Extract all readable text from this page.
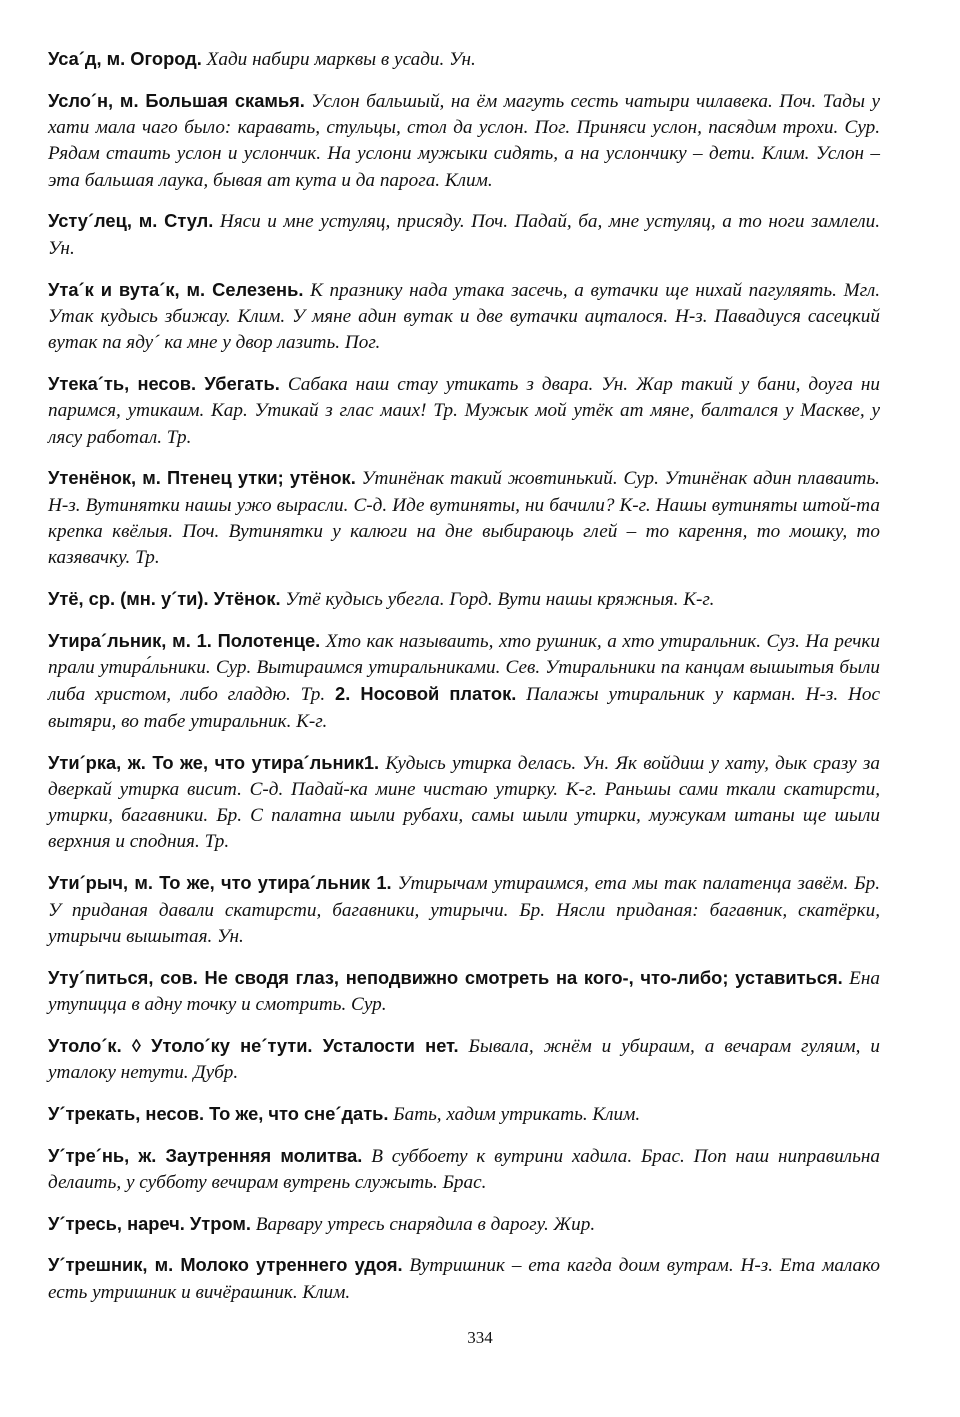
Уса´д, м. Огород. Хади набири марквы в усади. Ун.

Усло´н, м. Большая скамья. Услон бальшый, на ём магуть сесть чатыри чилавека. Поч. Тады у хати мала чаго было: каравать, стульцы, стол да услон. Пог. Приняси услон, пасядим трохи. Сур. Рядам стаить услон и услончик. На услони мужыки сидять, а на услончику – дети. Клим. Услон – эта бальшая лаука, бывая ат кута и да парога. Клим.

Усту´лец, м. Стул. Няси и мне устуляц, присяду. Поч. Падай, ба, мне устуляц, а то ноги замлели. Ун.

Ута´к и вута´к, м. Селезень. К празнику нада утака засечь, а вутачки ще нихай пагуляять. Мгл. Утак кудысь збижау. Клим. У мяне адин вутак и две вутачки ацталося. Н-з. Павадиуся сасецкий вутак па яду´ ка мне у двор лазить. Пог.

Утека´ть, несов. Убегать. Сабака наш стау утикать з двара. Ун. Жар такий у бани, доуга ни паримся, утикаим. Кар. Утикай з глас маих! Тр. Мужык мой утёк ат мяне, балтался у Маскве, у лясу работал. Тр.

Утенёнок, м. Птенец утки; утёнок. Утинёнак такий жовтинький. Сур. Утинёнак адин плаваить. Н-з. Вутинятки нашы ужо вырасли. С-д. Иде вутиняты, ни бачили? К-г. Нашы вутиняты штой-та крепка квёлыя. Поч. Вутинятки у калюги на дне выбираюць глей – то карення, то мошку, то казявачку. Тр.

Утё, ср. (мн. у´ти). Утёнок. Утё кудысь убегла. Горд. Вути нашы кряжныя. К-г.

Утира´льник, м. 1. Полотенце. Хто как называить, хто рушник, а хто утиральник. Суз. На речки прали утира́льники. Сур. Вытираимся утиральниками. Сев. Утиральники па канцам вышытыя были либа христом, либо гладдю. Тр. 2. Носовой платок. Палажы утиральник у карман. Н-з. Нос вытяри, во табе утиральник. К-г.

Ути´рка, ж. То же, что утира´льник1. Кудысь утирка делась. Ун. Як войдиш у хату, дык сразу за дверкай утирка висит. С-д. Падай-ка мине чистаю утирку. К-г. Раньшы сами ткали скатирсти, утирки, багавники. Бр. С палатна шыли рубахи, самы шыли утирки, мужукам штаны ще шыли верхния и сподния. Тр.

Ути´рыч, м. То же, что утира´льник 1. Утирычам утираимся, ета мы так палатенца завём. Бр. У приданая давали скатирсти, багавники, утирычи. Бр. Нясли приданая: багавник, скатёрки, утирычи вышытая. Ун.

Уту´питься, сов. Не сводя глаз, неподвижно смотреть на кого-, что-либо; уставиться. Ена утупицца в адну точку и смотрить. Сур.

Утоло´к. ◊ Утоло´ку не´тути. Усталости нет. Бывала, жнём и убираим, а вечарам гуляим, и уталоку нетути. Дубр.

У´трекать, несов. То же, что сне´дать. Бать, хадим утрикать. Клим.

У´тре´нь, ж. Заутренняя молитва. В суббоету к вутрини хадила. Брас. Поп наш ниправильна делаить, у субботу вечирам вутрень служыть. Брас.

У´тресь, нареч. Утром. Варвару утресь снарядила в дарогу. Жир.

У´трешник, м. Молоко утреннего удоя. Вутришник – ета кагда доим вутрам. Н-з. Ета малако есть утришник и вичёрашник. Клим.

334
